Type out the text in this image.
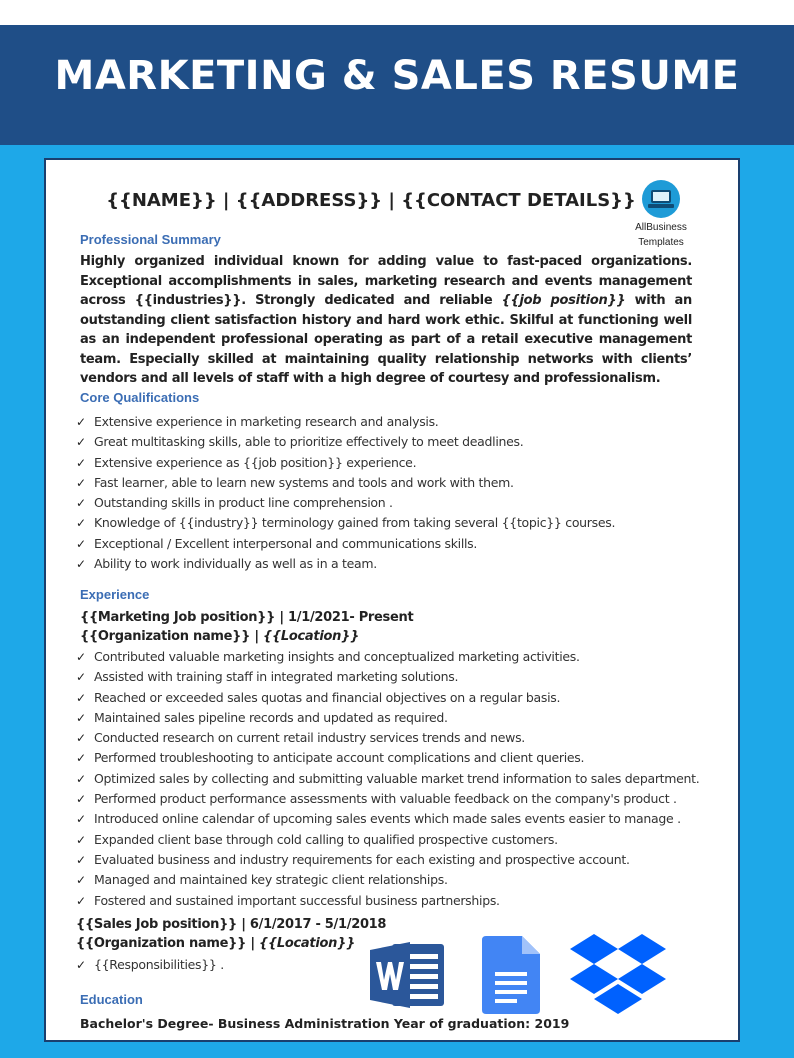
MARKETING & SALES RESUME
{{NAME}} | {{ADDRESS}} | {{CONTACT DETAILS}}
AllBusiness
Templates
Professional Summary
Highly organized individual known for adding value to fast-paced organizations. Exceptional accomplishments in sales, marketing research and events management across {{industries}}. Strongly dedicated and reliable {{job position}} with an outstanding client satisfaction history and hard work ethic. Skilful at functioning well as an independent professional operating as part of a retail executive management team. Especially skilled at maintaining quality relationship networks with clients’ vendors and all levels of staff with a high degree of courtesy and professionalism.
Core Qualifications
✓ Extensive experience in marketing research and analysis.
✓ Great multitasking skills, able to prioritize effectively to meet deadlines.
✓ Extensive experience as {{job position}} experience.
✓ Fast learner, able to learn new systems and tools and work with them.
✓ Outstanding skills in product line comprehension .
✓ Knowledge of {{industry}} terminology gained from taking several {{topic}} courses.
✓ Exceptional / Excellent interpersonal and communications skills.
✓ Ability to work individually as well as in a team.
Experience
{{Marketing Job position}} | 1/1/2021- Present
{{Organization name}} | {{Location}}
✓ Contributed valuable marketing insights and conceptualized marketing activities.
✓ Assisted with training staff in integrated marketing solutions.
✓ Reached or exceeded sales quotas and financial objectives on a regular basis.
✓ Maintained sales pipeline records and updated as required.
✓ Conducted research on current retail industry services trends and news.
✓ Performed troubleshooting to anticipate account complications and client queries.
✓ Optimized sales by collecting and submitting valuable market trend information to sales department.
✓ Performed product performance assessments with valuable feedback on the company's product .
✓ Introduced online calendar of upcoming sales events which made sales events easier to manage .
✓ Expanded client base through cold calling to qualified prospective customers.
✓ Evaluated business and industry requirements for each existing and prospective account.
✓ Managed and maintained key strategic client relationships.
✓ Fostered and sustained important successful business partnerships.
{{Sales Job position}} | 6/1/2017 - 5/1/2018
{{Organization name}} | {{Location}}
✓ {{Responsibilities}} .
Education
Bachelor's Degree- Business Administration Year of graduation: 2019
